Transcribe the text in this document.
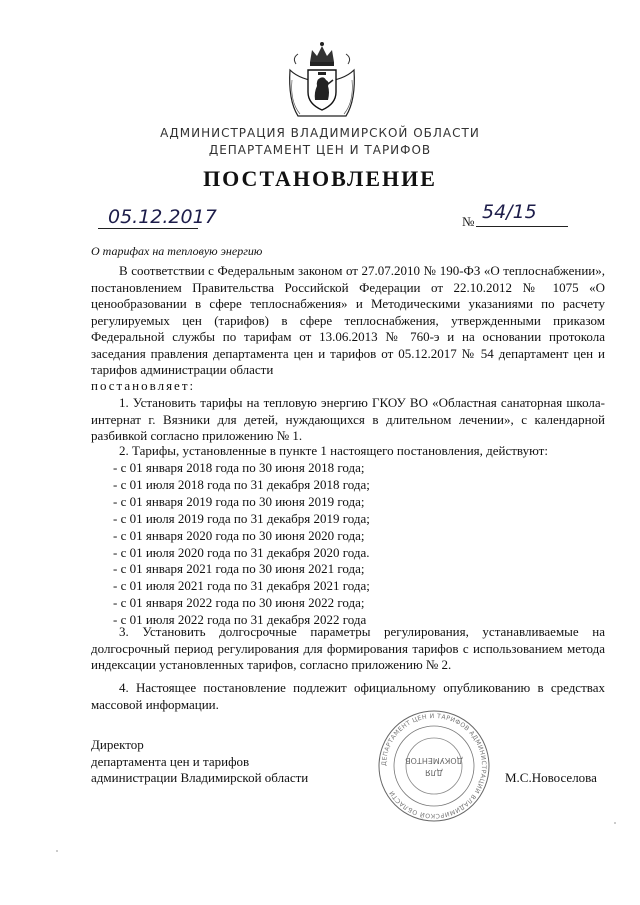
АДМИНИСТРАЦИЯ ВЛАДИМИРСКОЙ ОБЛАСТИ
ДЕПАРТАМЕНТ ЦЕН И ТАРИФОВ
ПОСТАНОВЛЕНИЕ
05.12.2017	№ 54/15
О тарифах на тепловую энергию
В соответствии с Федеральным законом от 27.07.2010 № 190-ФЗ «О теплоснабжении», постановлением Правительства Российской Федерации от 22.10.2012 № 1075 «О ценообразовании в сфере теплоснабжения» и Методическими указаниями по расчету регулируемых цен (тарифов) в сфере теплоснабжения, утвержденными приказом Федеральной службы по тарифам от 13.06.2013 № 760-э и на основании протокола заседания правления департамента цен и тарифов от 05.12.2017 № 54 департамент цен и тарифов администрации области
постановляет:
1. Установить тарифы на тепловую энергию ГКОУ ВО «Областная санаторная школа-интернат г. Вязники для детей, нуждающихся в длительном лечении», с календарной разбивкой согласно приложению № 1.
2. Тарифы, установленные в пункте 1 настоящего постановления, действуют:
- с 01 января 2018 года по 30 июня 2018 года;
- с 01 июля 2018 года по 31 декабря 2018 года;
- с 01 января 2019 года по 30 июня 2019 года;
- с 01 июля 2019 года по 31 декабря 2019 года;
- с 01 января 2020 года по 30 июня 2020 года;
- с 01 июля 2020 года по 31 декабря 2020 года.
- с 01 января 2021 года по 30 июня 2021 года;
- с 01 июля 2021 года по 31 декабря 2021 года;
- с 01 января 2022 года по 30 июня 2022 года;
- с 01 июля 2022 года по 31 декабря 2022 года
3. Установить долгосрочные параметры регулирования, устанавливаемые на долгосрочный период регулирования для формирования тарифов с использованием метода индексации установленных тарифов, согласно приложению № 2.
4. Настоящее постановление подлежит официальному опубликованию в средствах массовой информации.
Директор
департамента цен и тарифов
администрации Владимирской области	М.С.Новоселова
ДЕПАРТАМЕНТ ЦЕН И ТАРИФОВ АДМИНИСТРАЦИИ ВЛАДИМИРСКОЙ ОБЛАСТИ
ДЛЯ
ДОКУМЕНТОВ
